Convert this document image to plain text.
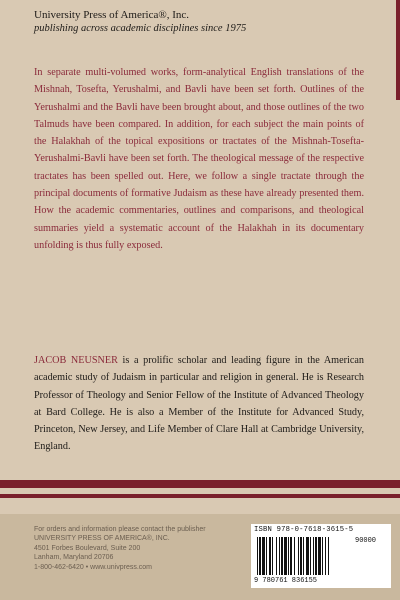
University Press of America®, Inc.
publishing across academic disciplines since 1975

In separate multi-volumed works, form-analytical English translations of the Mishnah, Tosefta, Yerushalmi, and Bavli have been set forth. Outlines of the Yerushalmi and the Bavli have been brought about, and those outlines of the two Talmuds have been compared. In addition, for each subject the main points of the Halakhah of the topical expositions or tractates of the Mishnah-Tosefta-Yerushalmi-Bavli have been set forth. The theological message of the respective tractates has been spelled out. Here, we follow a single tractate through the principal documents of formative Judaism as these have already presented them. How the academic commentaries, outlines and comparisons, and theological summaries yield a systematic account of the Halakhah in its documentary unfolding is thus fully exposed.

JACOB NEUSNER is a prolific scholar and leading figure in the American academic study of Judaism in particular and religion in general. He is Research Professor of Theology and Senior Fellow of the Institute of Advanced Theology at Bard College. He is also a Member of the Institute for Advanced Study, Princeton, New Jersey, and Life Member of Clare Hall at Cambridge University, England.

For orders and information please contact the publisher
UNIVERSITY PRESS OF AMERICA®, INC.
4501 Forbes Boulevard, Suite 200
Lanham, Maryland 20706
1-800-462-6420 • www.univpress.com
ISBN 978-0-7618-3615-5
90000
9 780761 836155
